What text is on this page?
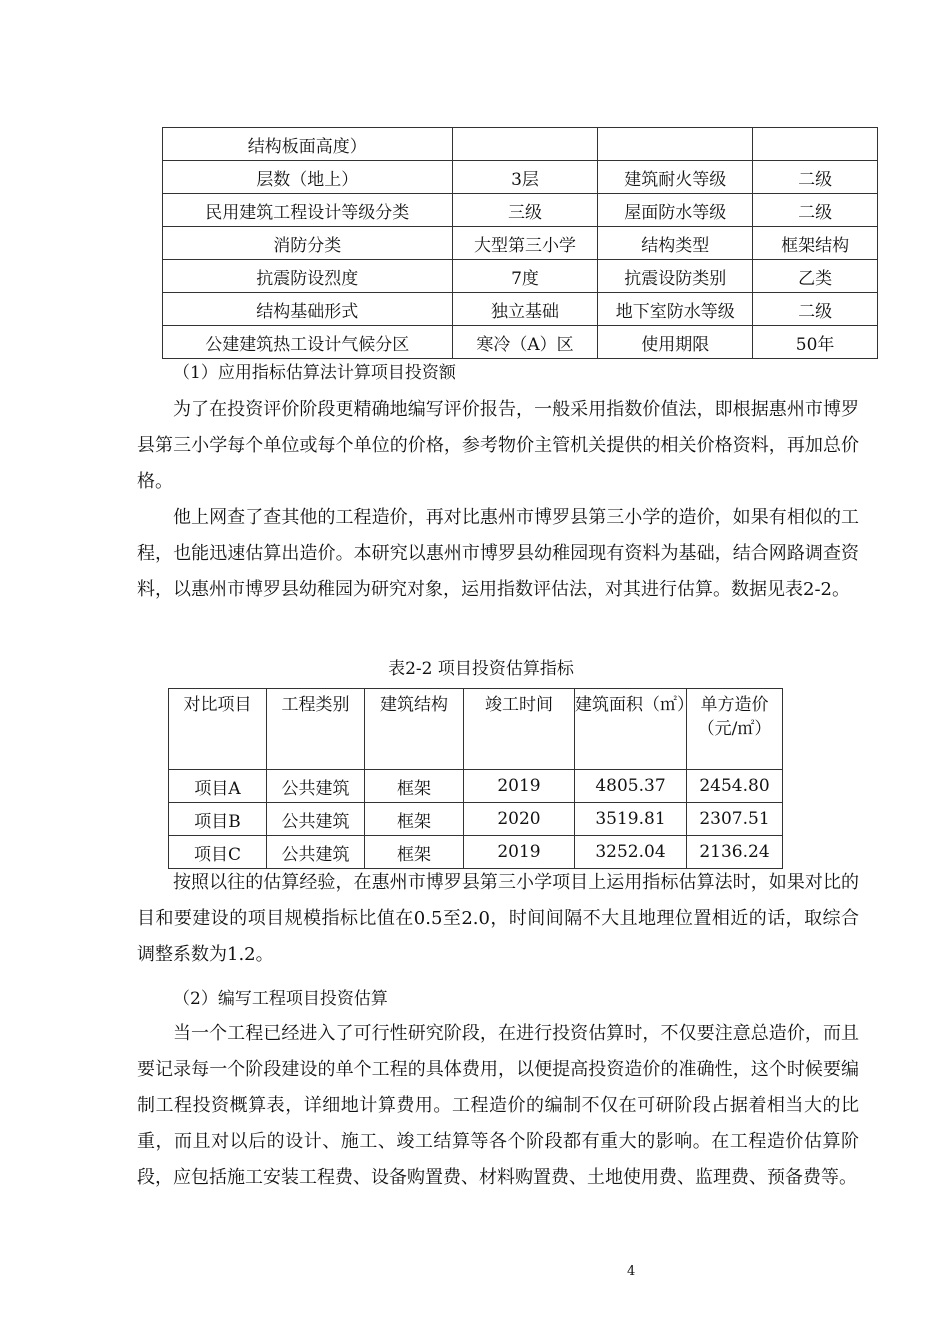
结构板面高度）			
层数（地上）	3层	建筑耐火等级	二级
民用建筑工程设计等级分类	三级	屋面防水等级	二级
消防分类	大型第三小学	结构类型	框架结构
抗震防设烈度	7度	抗震设防类别	乙类
结构基础形式	独立基础	地下室防水等级	二级
公建建筑热工设计气候分区	寒冷（A）区	使用期限	50年
（1）应用指标估算法计算项目投资额

为了在投资评价阶段更精确地编写评价报告，一般采用指数价值法，即根据惠州市博罗县第三小学每个单位或每个单位的价格，参考物价主管机关提供的相关价格资料，再加总价格。

他上网查了查其他的工程造价，再对比惠州市博罗县第三小学的造价，如果有相似的工程，也能迅速估算出造价。本研究以惠州市博罗县幼稚园现有资料为基础，结合网路调查资料，以惠州市博罗县幼稚园为研究对象，运用指数评估法，对其进行估算。数据见表2-2。

表2-2 项目投资估算指标
对比项目	工程类别	建筑结构	竣工时间	建筑面积（㎡）	单方造价（元/㎡）
项目A	公共建筑	框架	2019	4805.37	2454.80
项目B	公共建筑	框架	2020	3519.81	2307.51
项目C	公共建筑	框架	2019	3252.04	2136.24

按照以往的估算经验，在惠州市博罗县第三小学项目上运用指标估算法时，如果对比的目和要建设的项目规模指标比值在0.5至2.0，时间间隔不大且地理位置相近的话，取综合调整系数为1.2。

（2）编写工程项目投资估算

当一个工程已经进入了可行性研究阶段，在进行投资估算时，不仅要注意总造价，而且要记录每一个阶段建设的单个工程的具体费用，以便提高投资造价的准确性，这个时候要编制工程投资概算表，详细地计算费用。工程造价的编制不仅在可研阶段占据着相当大的比重，而且对以后的设计、施工、竣工结算等各个阶段都有重大的影响。在工程造价估算阶段，应包括施工安装工程费、设备购置费、材料购置费、土地使用费、监理费、预备费等。

4
